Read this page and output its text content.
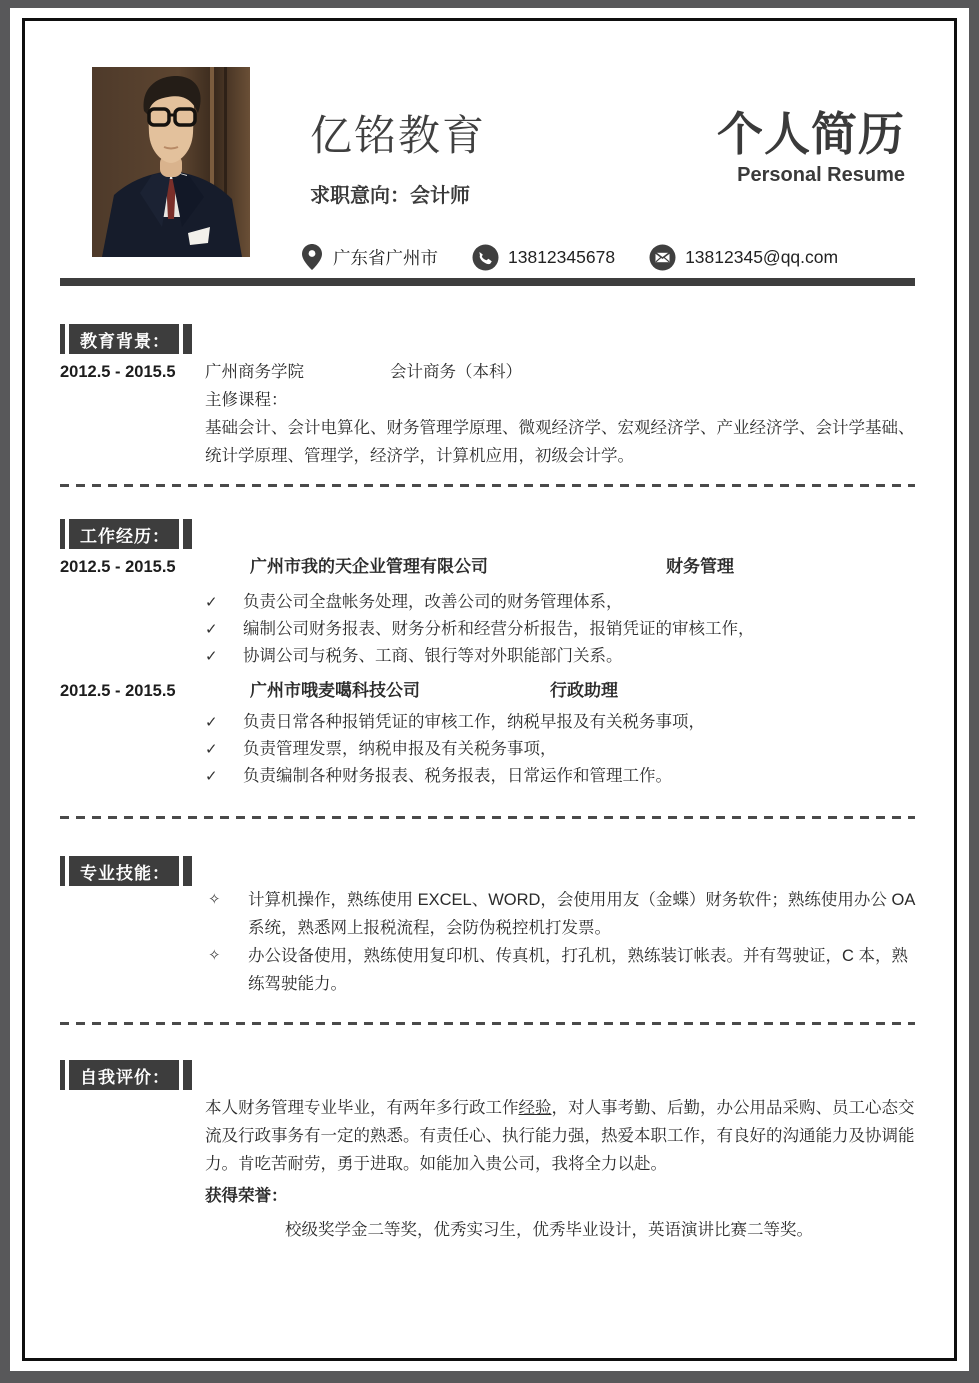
亿铭教育
求职意向：会计师
个人简历
Personal Resume
广东省广州市	13812345678	13812345@qq.com
教育背景：
2012.5 - 2015.5	广州商务学院	会计商务（本科）
主修课程：
基础会计、会计电算化、财务管理学原理、微观经济学、宏观经济学、产业经济学、会计学基础、统计学原理、管理学，经济学，计算机应用，初级会计学。
工作经历：
2012.5 - 2015.5	广州市我的天企业管理有限公司	财务管理
✓	负责公司全盘帐务处理，改善公司的财务管理体系，
✓	编制公司财务报表、财务分析和经营分析报告，报销凭证的审核工作，
✓	协调公司与税务、工商、银行等对外职能部门关系。
2012.5 - 2015.5	广州市哦麦噶科技公司	行政助理
✓	负责日常各种报销凭证的审核工作，纳税早报及有关税务事项，
✓	负责管理发票，纳税申报及有关税务事项，
✓	负责编制各种财务报表、税务报表，日常运作和管理工作。
专业技能：
✧	计算机操作，熟练使用 EXCEL、WORD，会使用用友（金蝶）财务软件；熟练使用办公 OA 系统，熟悉网上报税流程，会防伪税控机打发票。
✧	办公设备使用，熟练使用复印机、传真机，打孔机，熟练装订帐表。并有驾驶证，C 本，熟练驾驶能力。
自我评价：
本人财务管理专业毕业，有两年多行政工作经验，对人事考勤、后勤，办公用品采购、员工心态交流及行政事务有一定的熟悉。有责任心、执行能力强，热爱本职工作，有良好的沟通能力及协调能力。肯吃苦耐劳，勇于进取。如能加入贵公司，我将全力以赴。
获得荣誉：
校级奖学金二等奖，优秀实习生，优秀毕业设计，英语演讲比赛二等奖。
